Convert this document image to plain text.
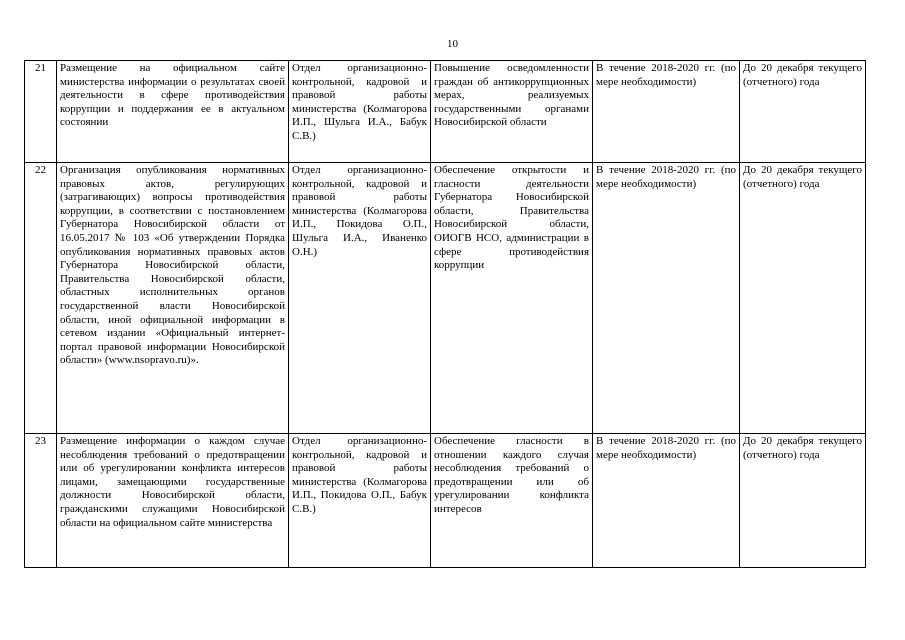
10
21	Размещение на официальном сайте министерства информации о результатах своей деятельности в сфере противодействия коррупции и поддержания ее в актуальном состоянии	Отдел организационно-контрольной, кадровой и правовой работы министерства (Колмагорова И.П., Шульга И.А., Бабук С.В.)	Повышение осведомленности граждан об антикоррупционных мерах, реализуемых государственными органами Новосибирской области	В течение 2018-2020 гг. (по мере необходимости)	До 20 декабря текущего (отчетного) года
22	Организация опубликования нормативных правовых актов, регулирующих (затрагивающих) вопросы противодействия коррупции, в соответствии с постановлением Губернатора Новосибирской области от 16.05.2017 № 103 «Об утверждении Порядка опубликования нормативных правовых актов Губернатора Новосибирской области, Правительства Новосибирской области, областных исполнительных органов государственной власти Новосибирской области, иной официальной информации в сетевом издании «Официальный интернет-портал правовой информации Новосибирской области» (www.nsopravo.ru)».	Отдел организационно-контрольной, кадровой и правовой работы министерства (Колмагорова И.П., Покидова О.П., Шульга И.А., Иваненко О.Н.)	Обеспечение открытости и гласности деятельности Губернатора Новосибирской области, Правительства Новосибирской области, ОИОГВ НСО, администрации в сфере противодействия коррупции	В течение 2018-2020 гг. (по мере необходимости)	До 20 декабря текущего (отчетного) года
23	Размещение информации о каждом случае несоблюдения требований о предотвращении или об урегулировании конфликта интересов лицами, замещающими государственные должности Новосибирской области, гражданскими служащими Новосибирской области на официальном сайте министерства	Отдел организационно-контрольной, кадровой и правовой работы министерства (Колмагорова И.П., Покидова О.П., Бабук С.В.)	Обеспечение гласности в отношении каждого случая несоблюдения требований о предотвращении или об урегулировании конфликта интересов	В течение 2018-2020 гг. (по мере необходимости)	До 20 декабря текущего (отчетного) года
